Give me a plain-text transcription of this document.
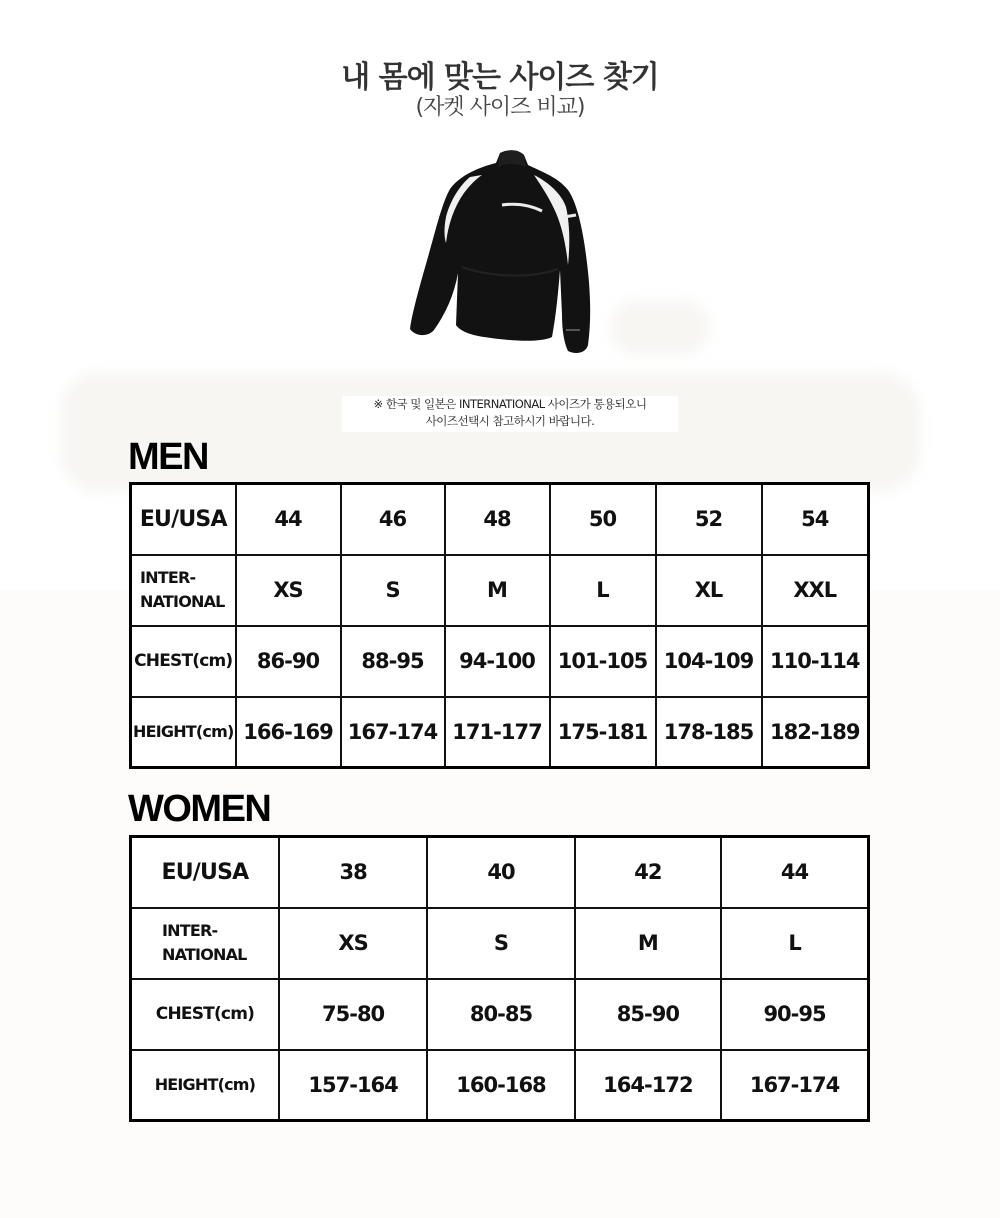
내 몸에 맞는 사이즈 찾기
(자켓 사이즈 비교)
※ 한국 및 일본은 INTERNATIONAL 사이즈가 통용되오니
사이즈선택시 참고하시기 바랍니다.
MEN
EU/USA	44	46	48	50	52	54

INTER-
NATIONAL	XS	S	M	L	XL	XXL
CHEST(cm)	86-90	88-95	94-100	101-105	104-109	110-114
HEIGHT(cm)	166-169	167-174	171-177	175-181	178-185	182-189
WOMEN
EU/USA	38	40	42	44

INTER-
NATIONAL	XS	S	M	L
CHEST(cm)	75-80	80-85	85-90	90-95
HEIGHT(cm)	157-164	160-168	164-172	167-174
